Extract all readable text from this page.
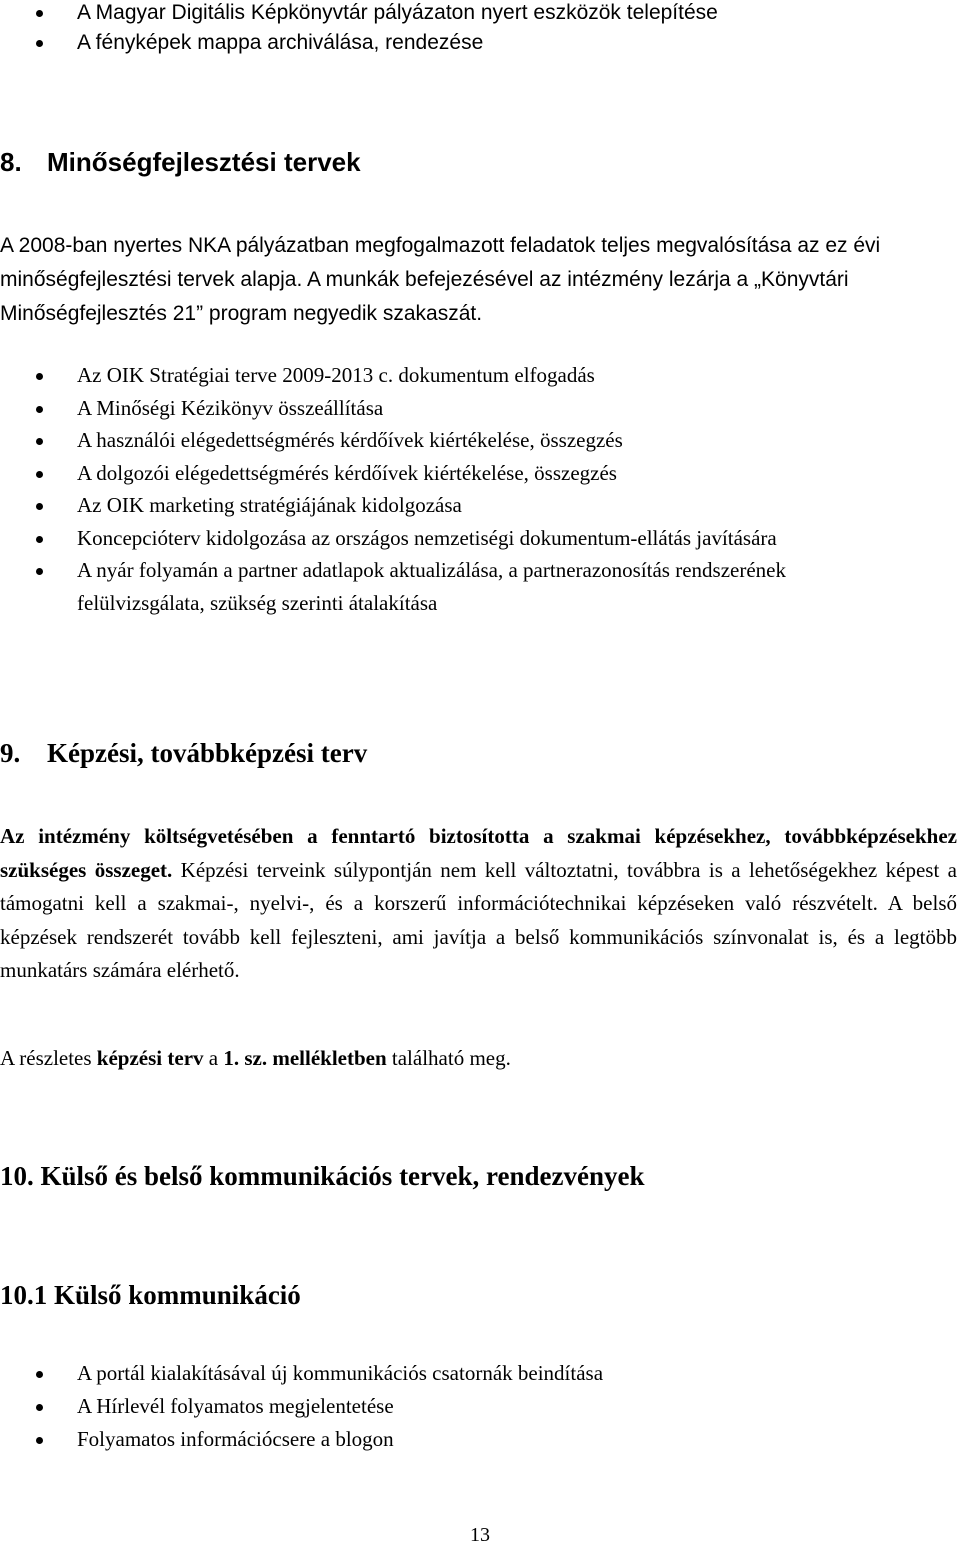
A Magyar Digitális Képkönyvtár pályázaton nyert eszközök telepítése
A fényképek mappa archiválása, rendezése
8. Minőségfejlesztési tervek

A 2008-ban nyertes NKA pályázatban megfogalmazott feladatok teljes megvalósítása az ez évi minőségfejlesztési tervek alapja. A munkák befejezésével az intézmény lezárja a „Könyvtári Minőségfejlesztés 21” program negyedik szakaszát.

Az OIK Stratégiai terve 2009-2013 c. dokumentum elfogadás
A Minőségi Kézikönyv összeállítása
A használói elégedettségmérés kérdőívek kiértékelése, összegzés
A dolgozói elégedettségmérés kérdőívek kiértékelése, összegzés
Az OIK marketing stratégiájának kidolgozása
Koncepcióterv kidolgozása az országos nemzetiségi dokumentum-ellátás javítására
A nyár folyamán a partner adatlapok aktualizálása, a partnerazonosítás rendszerének felülvizsgálata, szükség szerinti átalakítása
9. Képzési, továbbképzési terv

Az intézmény költségvetésében a fenntartó biztosította a szakmai képzésekhez, továbbképzésekhez szükséges összeget. Képzési terveink súlypontján nem kell változtatni, továbbra is a lehetőségekhez képest a támogatni kell a szakmai-, nyelvi-, és a korszerű információtechnikai képzéseken való részvételt. A belső képzések rendszerét tovább kell fejleszteni, ami javítja a belső kommunikációs színvonalat is, és a legtöbb munkatárs számára elérhető.

A részletes képzési terv a 1. sz. mellékletben található meg.

10. Külső és belső kommunikációs tervek, rendezvények
10.1 Külső kommunikáció
A portál kialakításával új kommunikációs csatornák beindítása
A Hírlevél folyamatos megjelentetése
Folyamatos információcsere a blogon
13
